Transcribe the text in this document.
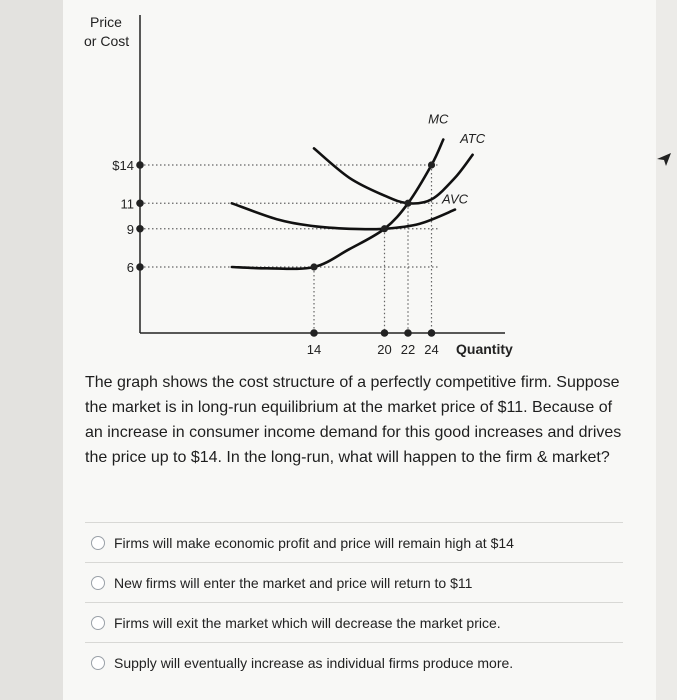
Price
or Cost
MC
ATC
AVC
$14
11
9
6
14	20 22 24 Quantity
The graph shows the cost structure of a perfectly competitive firm. Suppose the market is in long-run equilibrium at the market price of $11. Because of an increase in consumer income demand for this good increases and drives the price up to $14. In the long-run, what will happen to the firm & market?
Firms will make economic profit and price will remain high at $14
New firms will enter the market and price will return to $11
Firms will exit the market which will decrease the market price.
Supply will eventually increase as individual firms produce more.
